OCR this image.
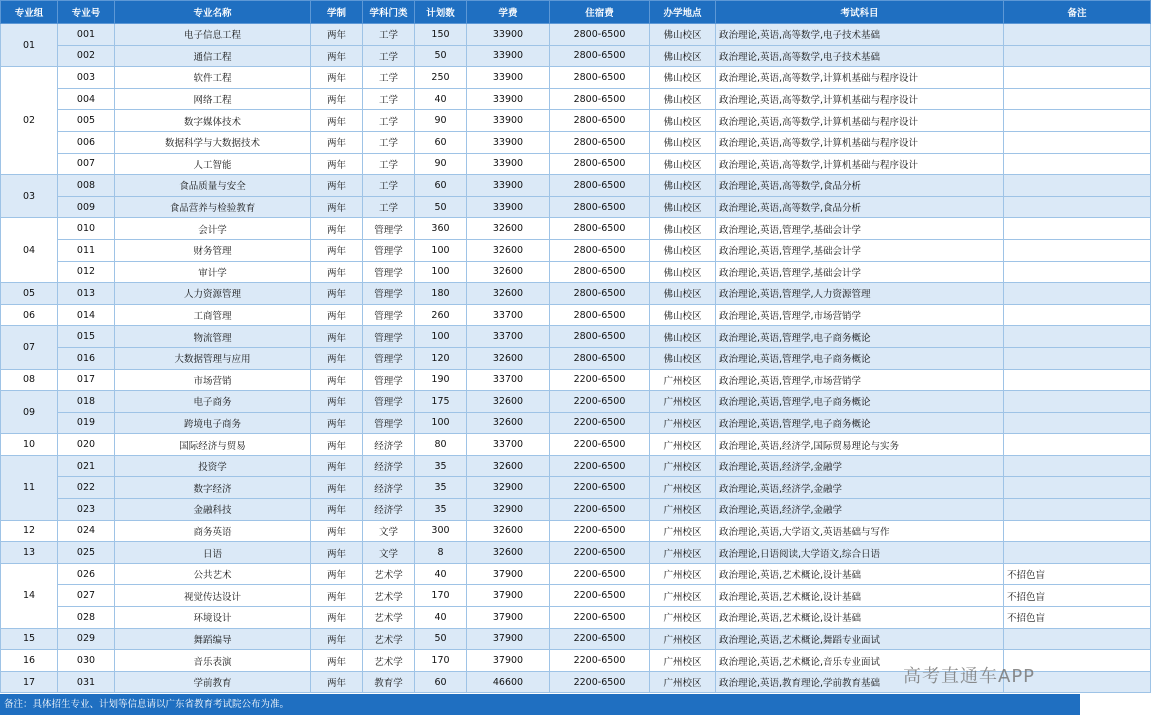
专业组	专业号	专业名称	学制	学科门类	计划数	学费	住宿费	办学地点	考试科目	备注
01	001	电子信息工程	两年	工学	150	33900	2800-6500	佛山校区	政治理论,英语,高等数学,电子技术基础	
	002	通信工程	两年	工学	50	33900	2800-6500	佛山校区	政治理论,英语,高等数学,电子技术基础	
02	003	软件工程	两年	工学	250	33900	2800-6500	佛山校区	政治理论,英语,高等数学,计算机基础与程序设计	
	004	网络工程	两年	工学	40	33900	2800-6500	佛山校区	政治理论,英语,高等数学,计算机基础与程序设计	
	005	数字媒体技术	两年	工学	90	33900	2800-6500	佛山校区	政治理论,英语,高等数学,计算机基础与程序设计	
	006	数据科学与大数据技术	两年	工学	60	33900	2800-6500	佛山校区	政治理论,英语,高等数学,计算机基础与程序设计	
	007	人工智能	两年	工学	90	33900	2800-6500	佛山校区	政治理论,英语,高等数学,计算机基础与程序设计	
03	008	食品质量与安全	两年	工学	60	33900	2800-6500	佛山校区	政治理论,英语,高等数学,食品分析	
	009	食品营养与检验教育	两年	工学	50	33900	2800-6500	佛山校区	政治理论,英语,高等数学,食品分析	
04	010	会计学	两年	管理学	360	32600	2800-6500	佛山校区	政治理论,英语,管理学,基础会计学	
	011	财务管理	两年	管理学	100	32600	2800-6500	佛山校区	政治理论,英语,管理学,基础会计学	
	012	审计学	两年	管理学	100	32600	2800-6500	佛山校区	政治理论,英语,管理学,基础会计学	
05	013	人力资源管理	两年	管理学	180	32600	2800-6500	佛山校区	政治理论,英语,管理学,人力资源管理	
06	014	工商管理	两年	管理学	260	33700	2800-6500	佛山校区	政治理论,英语,管理学,市场营销学	
07	015	物流管理	两年	管理学	100	33700	2800-6500	佛山校区	政治理论,英语,管理学,电子商务概论	
	016	大数据管理与应用	两年	管理学	120	32600	2800-6500	佛山校区	政治理论,英语,管理学,电子商务概论	
08	017	市场营销	两年	管理学	190	33700	2200-6500	广州校区	政治理论,英语,管理学,市场营销学	
09	018	电子商务	两年	管理学	175	32600	2200-6500	广州校区	政治理论,英语,管理学,电子商务概论	
	019	跨境电子商务	两年	管理学	100	32600	2200-6500	广州校区	政治理论,英语,管理学,电子商务概论	
10	020	国际经济与贸易	两年	经济学	80	33700	2200-6500	广州校区	政治理论,英语,经济学,国际贸易理论与实务	
11	021	投资学	两年	经济学	35	32600	2200-6500	广州校区	政治理论,英语,经济学,金融学	
	022	数字经济	两年	经济学	35	32900	2200-6500	广州校区	政治理论,英语,经济学,金融学	
	023	金融科技	两年	经济学	35	32900	2200-6500	广州校区	政治理论,英语,经济学,金融学	
12	024	商务英语	两年	文学	300	32600	2200-6500	广州校区	政治理论,英语,大学语文,英语基础与写作	
13	025	日语	两年	文学	8	32600	2200-6500	广州校区	政治理论,日语阅读,大学语文,综合日语	
14	026	公共艺术	两年	艺术学	40	37900	2200-6500	广州校区	政治理论,英语,艺术概论,设计基础	不招色盲
	027	视觉传达设计	两年	艺术学	170	37900	2200-6500	广州校区	政治理论,英语,艺术概论,设计基础	不招色盲
	028	环境设计	两年	艺术学	40	37900	2200-6500	广州校区	政治理论,英语,艺术概论,设计基础	不招色盲
15	029	舞蹈编导	两年	艺术学	50	37900	2200-6500	广州校区	政治理论,英语,艺术概论,舞蹈专业面试	
16	030	音乐表演	两年	艺术学	170	37900	2200-6500	广州校区	政治理论,英语,艺术概论,音乐专业面试	
17	031	学前教育	两年	教育学	60	46600	2200-6500	广州校区	政治理论,英语,教育理论,学前教育基础	高考直通车APP
备注：具体招生专业、计划等信息请以广东省教育考试院公布为准。
